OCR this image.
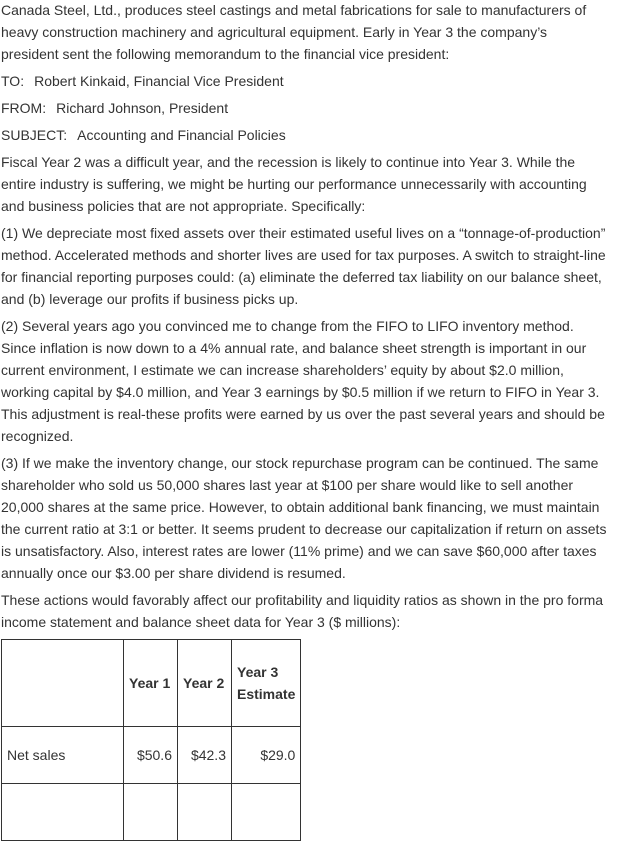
Canada Steel, Ltd., produces steel castings and metal fabrications for sale to manufacturers of heavy construction machinery and agricultural equipment. Early in Year 3 the company’s president sent the following memorandum to the financial vice president:

TO: Robert Kinkaid, Financial Vice President
FROM: Richard Johnson, President
SUBJECT: Accounting and Financial Policies

Fiscal Year 2 was a difficult year, and the recession is likely to continue into Year 3. While the entire industry is suffering, we might be hurting our performance unnecessarily with accounting and business policies that are not appropriate. Specifically:

(1) We depreciate most fixed assets over their estimated useful lives on a “tonnage-of-production” method. Accelerated methods and shorter lives are used for tax purposes. A switch to straight-line for financial reporting purposes could: (a) eliminate the deferred tax liability on our balance sheet, and (b) leverage our profits if business picks up.

(2) Several years ago you convinced me to change from the FIFO to LIFO inventory method. Since inflation is now down to a 4% annual rate, and balance sheet strength is important in our current environment, I estimate we can increase shareholders’ equity by about $2.0 million, working capital by $4.0 million, and Year 3 earnings by $0.5 million if we return to FIFO in Year 3. This adjustment is real-these profits were earned by us over the past several years and should be recognized.

(3) If we make the inventory change, our stock repurchase program can be continued. The same shareholder who sold us 50,000 shares last year at $100 per share would like to sell another 20,000 shares at the same price. However, to obtain additional bank financing, we must maintain the current ratio at 3:1 or better. It seems prudent to decrease our capitalization if return on assets is unsatisfactory. Also, interest rates are lower (11% prime) and we can save $60,000 after taxes annually once our $3.00 per share dividend is resumed.

These actions would favorably affect our profitability and liquidity ratios as shown in the pro forma income statement and balance sheet data for Year 3 ($ millions):

	Year 1	Year 2	Year 3 Estimate
Net sales	$50.6	$42.3	$29.0
